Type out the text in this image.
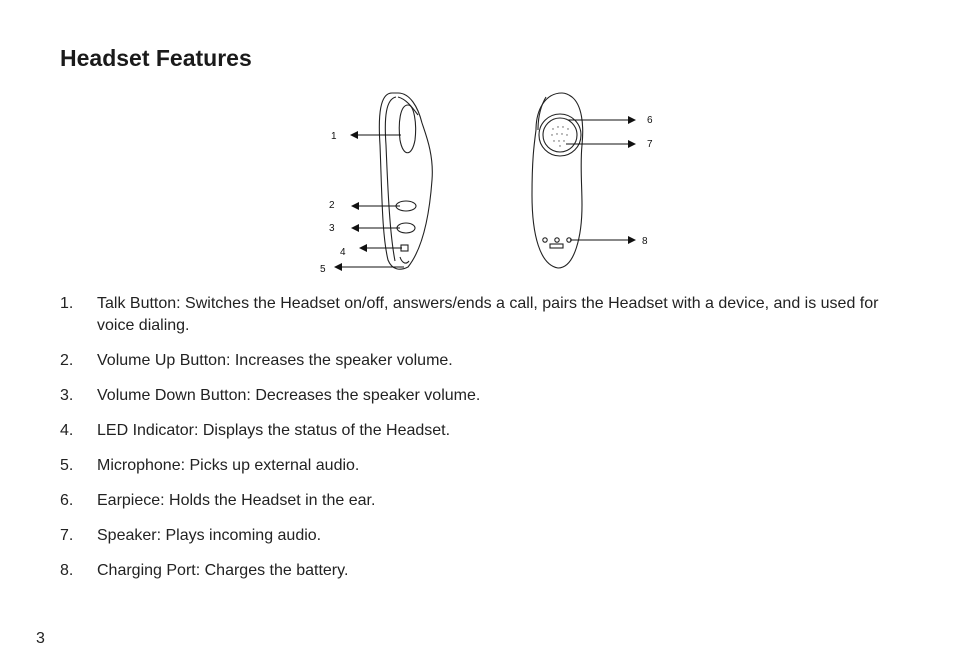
Headset Features
1
2
3
4
5
6
7
8
1. Talk Button: Switches the Headset on/off, answers/ends a call, pairs the Headset with a device, and is used for voice dialing.
2. Volume Up Button: Increases the speaker volume.
3. Volume Down Button: Decreases the speaker volume.
4. LED Indicator: Displays the status of the Headset.
5. Microphone: Picks up external audio.
6. Earpiece: Holds the Headset in the ear.
7. Speaker: Plays incoming audio.
8. Charging Port: Charges the battery.
3
